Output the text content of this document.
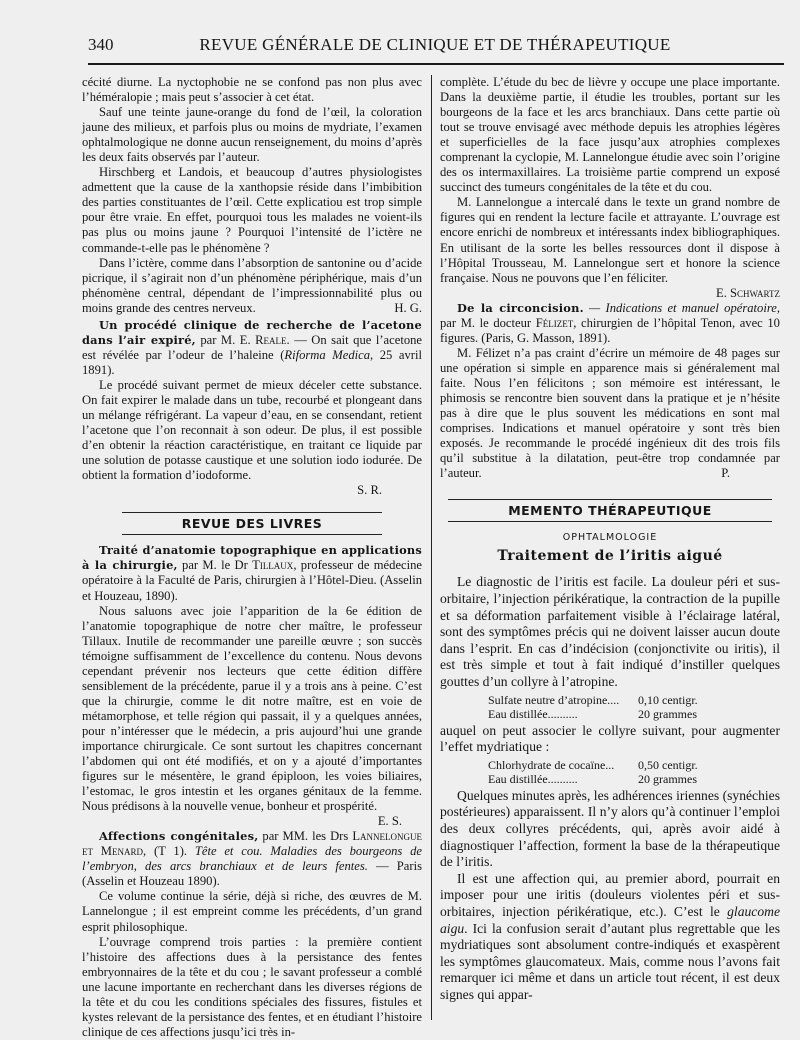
340	REVUE GÉNÉRALE DE CLINIQUE ET DE THÉRAPEUTIQUE

cécité diurne. La nyctophobie ne se confond pas non plus avec l’héméralopie ; mais peut s’associer à cet état.

Sauf une teinte jaune-orange du fond de l’œil, la coloration jaune des milieux, et parfois plus ou moins de mydriate, l’examen ophtalmologique ne donne aucun renseignement, du moins d’après les deux faits observés par l’auteur.

Hirschberg et Landois, et beaucoup d’autres physiologistes admettent que la cause de la xanthopsie réside dans l’imbibition des parties constituantes de l’œil. Cette explicatiou est trop simple pour être vraie. En effet, pourquoi tous les malades ne voient-ils pas plus ou moins jaune ? Pourquoi l’intensité de l’ictère ne commande-t-elle pas le phénomène ?

Dans l’ictère, comme dans l’absorption de santonine ou d’acide picrique, il s’agirait non d’un phénomène périphérique, mais d’un phénomène central, dépendant de l’impressionnabilité plus ou moins grande des centres nerveux.	H. G.

Un procédé clinique de recherche de l’acetone dans l’air expiré, par M. E. Reale. — On sait que l’acetone est révélée par l’odeur de l’haleine (Riforma Medica, 25 avril 1891).

Le procédé suivant permet de mieux déceler cette substance. On fait expirer le malade dans un tube, recourbé et plongeant dans un mélange réfrigérant. La vapeur d’eau, en se consendant, retient l’acetone que l’on reconnait à son odeur. De plus, il est possible d’en obtenir la réaction caractéristique, en traitant ce liquide par une solution de potasse caustique et une solution iodo iodurée. De obtient la formation d’iodoforme.

S. R.
REVUE DES LIVRES

Traité d’anatomie topographique en applications à la chirurgie, par M. le Dr Tillaux, professeur de médecine opératoire à la Faculté de Paris, chirurgien à l’Hôtel-Dieu. (Asselin et Houzeau, 1890).

Nous saluons avec joie l’apparition de la 6e édition de l’anatomie topographique de notre cher maître, le professeur Tillaux. Inutile de recommander une pareille œuvre ; son succès témoigne suffisamment de l’excellence du contenu. Nous devons cependant prévenir nos lecteurs que cette édition diffère sensiblement de la précédente, parue il y a trois ans à peine. C’est que la chirurgie, comme le dit notre maître, est en voie de métamorphose, et telle région qui passait, il y a quelques années, pour n’intéresser que le médecin, a pris aujourd’hui une grande importance chirurgicale. Ce sont surtout les chapitres concernant l’abdomen qui ont été modifiés, et on y a ajouté d’importantes figures sur le mésentère, le grand épiploon, les voies biliaires, l’estomac, le gros intestin et les organes génitaux de la femme. Nous prédisons à la nouvelle venue, bonheur et prospérité.

E. S.

Affections congénitales, par MM. les Drs Lannelongue et Menard, (T 1). Tête et cou. Maladies des bourgeons de l’embryon, des arcs branchiaux et de leurs fentes. — Paris (Asselin et Houzeau 1890).

Ce volume continue la série, déjà si riche, des œuvres de M. Lannelongue ; il est empreint comme les précédents, d’un grand esprit philosophique.

L’ouvrage comprend trois parties : la première contient l’histoire des affections dues à la persistance des fentes embryonnaires de la tête et du cou ; le savant professeur a comblé une lacune importante en recherchant dans les diverses régions de la tête et du cou les conditions spéciales des fissures, fistules et kystes relevant de la persistance des fentes, et en étudiant l’histoire clinique de ces affections jusqu’ici très in-

complète. L’étude du bec de lièvre y occupe une place importante. Dans la deuxième partie, il étudie les troubles, portant sur les bourgeons de la face et les arcs branchiaux. Dans cette partie où tout se trouve envisagé avec méthode depuis les atrophies légères et superficielles de la face jusqu’aux atrophies complexes comprenant la cyclopie, M. Lannelongue étudie avec soin l’origine des os intermaxillaires. La troisième partie comprend un exposé succinct des tumeurs congénitales de la tête et du cou.

M. Lannelongue a intercalé dans le texte un grand nombre de figures qui en rendent la lecture facile et attrayante. L’ouvrage est encore enrichi de nombreux et intéressants index bibliographiques. En utilisant de la sorte les belles ressources dont il dispose à l’Hôpital Trousseau, M. Lannelongue sert et honore la science française. Nous ne pouvons que l’en féliciter.

E. Schwartz

De la circoncision. — Indications et manuel opératoire, par M. le docteur Félizet, chirurgien de l’hôpital Tenon, avec 10 figures. (Paris, G. Masson, 1891).

M. Félizet n’a pas craint d’écrire un mémoire de 48 pages sur une opération si simple en apparence mais si généralement mal faite. Nous l’en félicitons ; son mémoire est intéressant, le phimosis se rencontre bien souvent dans la pratique et je n’hésite pas à dire que le plus souvent les médications en sont mal comprises. Indications et manuel opératoire y sont très bien exposés. Je recommande le procédé ingénieux dit des trois fils qu’il substitue à la dilatation, peut-être trop condamnée par l’auteur.	P.

MEMENTO THÉRAPEUTIQUE
OPHTALMOLOGIE
Traitement de l’iritis aigué

Le diagnostic de l’iritis est facile. La douleur péri et sus-orbitaire, l’injection périkératique, la contraction de la pupille et sa déformation parfaitement visible à l’éclairage latéral, sont des symptômes précis qui ne doivent laisser aucun doute dans l’esprit. En cas d’indécision (conjonctivite ou iritis), il est très simple et tout à fait indiqué d’instiller quelques gouttes d’un collyre à l’atropine.

Sulfate neutre d’atropine....	0,10 centigr.
Eau distillée..........	20 grammes

auquel on peut associer le collyre suivant, pour augmenter l’effet mydriatique :

Chlorhydrate de cocaïne...	0,50 centigr.
Eau distillée..........	20 grammes

Quelques minutes après, les adhérences iriennes (synéchies postérieures) apparaissent. Il n’y alors qu’à continuer l’emploi des deux collyres précédents, qui, après avoir aidé à diagnostiquer l’affection, forment la base de la thérapeutique de l’iritis.

Il est une affection qui, au premier abord, pourrait en imposer pour une iritis (douleurs violentes péri et sus-orbitaires, injection périkératique, etc.). C’est le glaucome aigu. Ici la confusion serait d’autant plus regrettable que les mydriatiques sont absolument contre-indiqués et exaspèrent les symptômes glaucomateux. Mais, comme nous l’avons fait remarquer ici même et dans un article tout récent, il est deux signes qui appar-
